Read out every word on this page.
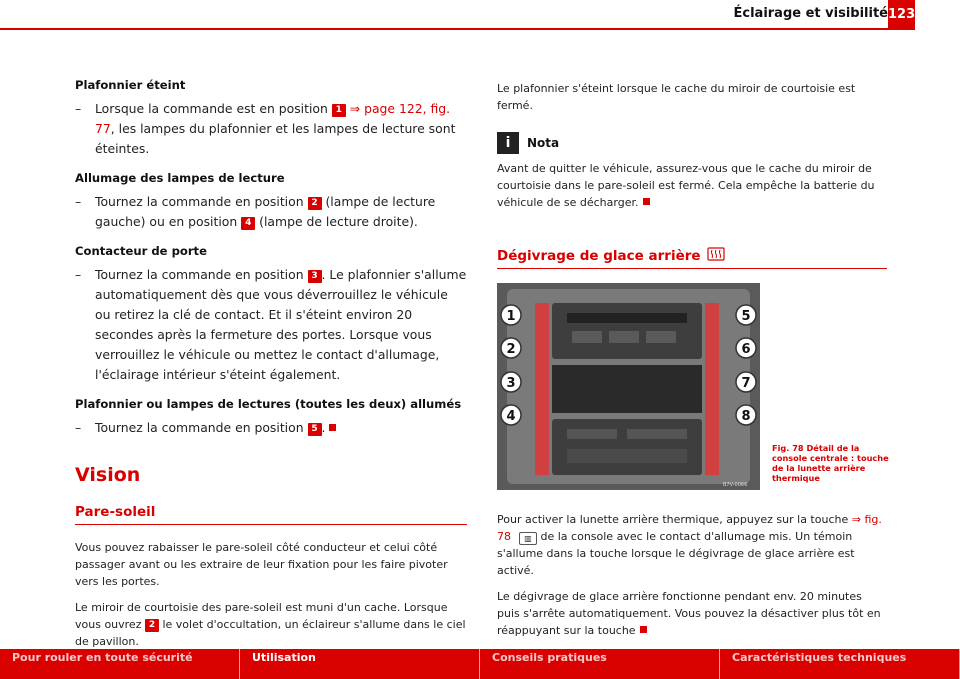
Éclairage et visibilité 123
Plafonnier éteint
–	Lorsque la commande est en position 1 ⇒ page 122, fig. 77, les lampes du plafonnier et les lampes de lecture sont éteintes.
Allumage des lampes de lecture
–	Tournez la commande en position 2 (lampe de lecture gauche) ou en position 4 (lampe de lecture droite).
Contacteur de porte
–	Tournez la commande en position 3 . Le plafonnier s'allume automatiquement dès que vous déverrouillez le véhicule ou retirez la clé de contact. Et il s'éteint environ 20 secondes après la fermeture des portes. Lorsque vous verrouillez le véhicule ou mettez le contact d'allumage, l'éclairage intérieur s'éteint également.
Plafonnier ou lampes de lectures (toutes les deux) allumés
–	Tournez la commande en position 5 .
Vision
Pare-soleil

Vous pouvez rabaisser le pare-soleil côté conducteur et celui côté passager avant ou les extraire de leur fixation pour les faire pivoter vers les portes.

Le miroir de courtoisie des pare-soleil est muni d'un cache. Lorsque vous ouvrez 2 le volet d'occultation, un éclaireur s'allume dans le ciel de pavillon.

Le plafonnier s'éteint lorsque le cache du miroir de courtoisie est fermé.

i	Nota

Avant de quitter le véhicule, assurez-vous que le cache du miroir de courtoisie dans le pare-soleil est fermé. Cela empêche la batterie du véhicule de se décharger.

Dégivrage de glace arrière
1
2
3
4
5
6
7
8
B7V-0066
Fig. 78 Détail de la console centrale : touche de la lunette arrière thermique

Pour activer la lunette arrière thermique, appuyez sur la touche ⇒ fig. 78 ▥ de la console avec le contact d'allumage mis. Un témoin s'allume dans la touche lorsque le dégivrage de glace arrière est activé.

Le dégivrage de glace arrière fonctionne pendant env. 20 minutes puis s'arrête automatiquement. Vous pouvez la désactiver plus tôt en réappuyant sur la touche

Pour rouler en toute sécurité	Utilisation	Conseils pratiques	Caractéristiques techniques
